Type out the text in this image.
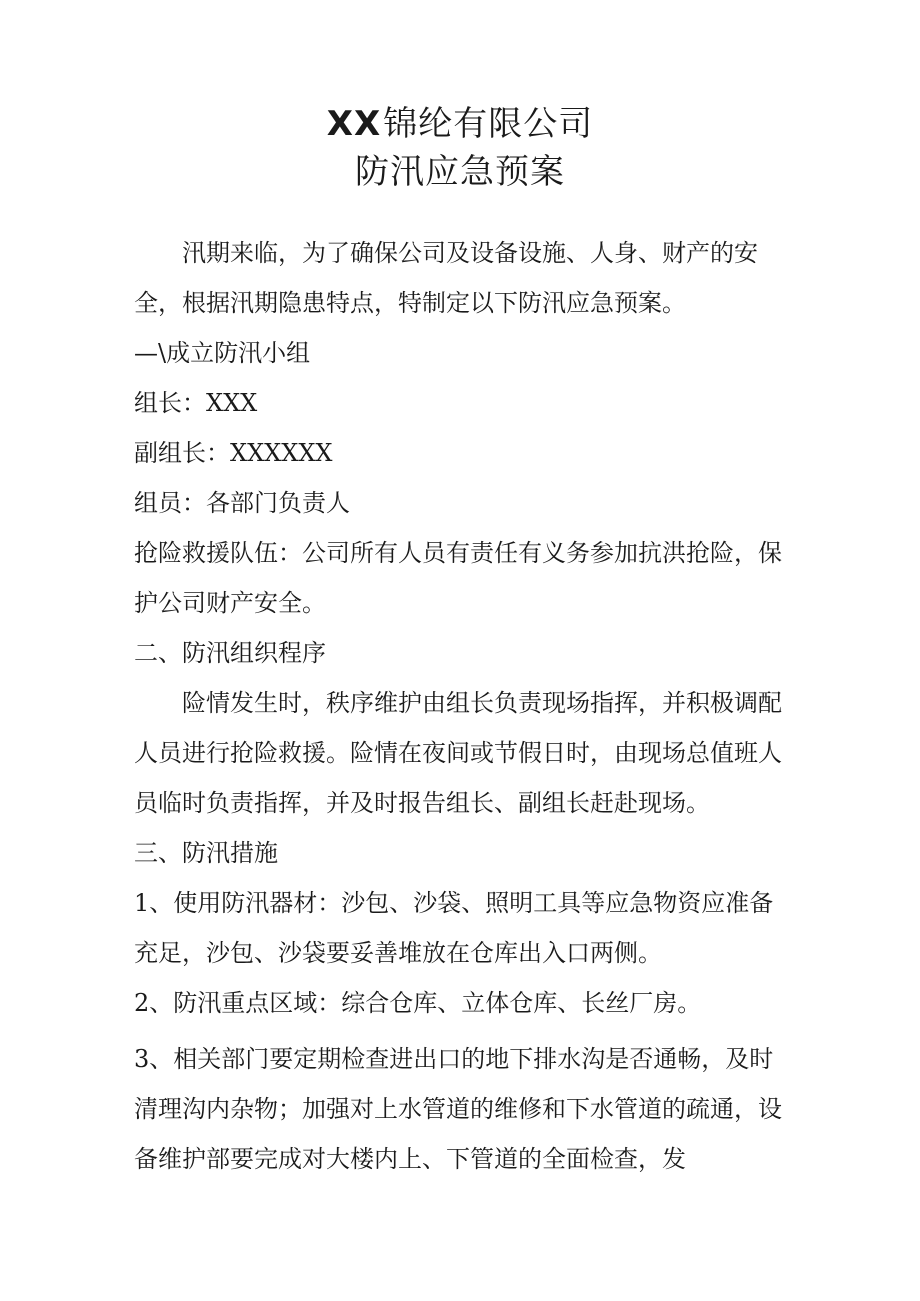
XX锦纶有限公司
防汛应急预案

汛期来临，为了确保公司及设备设施、人身、财产的安全，根据汛期隐患特点，特制定以下防汛应急预案。

—\成立防汛小组

组长：XXX

副组长：XXXXXX

组员：各部门负责人

抢险救援队伍：公司所有人员有责任有义务参加抗洪抢险，保护公司财产安全。

二、防汛组织程序

险情发生时，秩序维护由组长负责现场指挥，并积极调配人员进行抢险救援。险情在夜间或节假日时，由现场总值班人员临时负责指挥，并及时报告组长、副组长赶赴现场。

三、防汛措施

1、使用防汛器材：沙包、沙袋、照明工具等应急物资应准备充足，沙包、沙袋要妥善堆放在仓库出入口两侧。

2、防汛重点区域：综合仓库、立体仓库、长丝厂房。

3、相关部门要定期检查进出口的地下排水沟是否通畅，及时清理沟内杂物；加强对上水管道的维修和下水管道的疏通，设备维护部要完成对大楼内上、下管道的全面检查，发
